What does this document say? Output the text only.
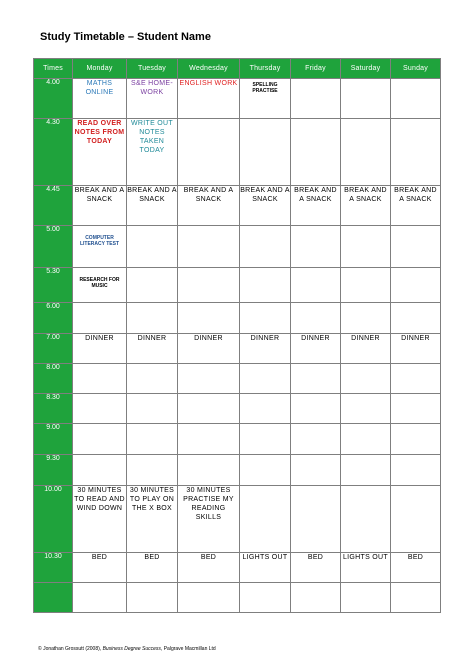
Study Timetable – Student Name
Times	Monday	Tuesday	Wednesday	Thursday	Friday	Saturday	Sunday
4.00	MATHS ONLINE	S&E HOME-WORK	ENGLISH WORK	SPELLING PRACTISE			
4.30	READ OVER NOTES FROM TODAY	WRITE OUT NOTES TAKEN TODAY					
4.45	BREAK AND A SNACK	BREAK AND A SNACK	BREAK AND A SNACK	BREAK AND A SNACK	BREAK AND A SNACK	BREAK AND A SNACK	BREAK AND A SNACK
5.00	COMPUTER LITERACY TEST						
5.30	RESEARCH FOR MUSIC						
6.00							
7.00	DINNER	DINNER	DINNER	DINNER	DINNER	DINNER	DINNER
8.00							
8.30							
9.00							
9.30							
10.00	30 MINUTES TO READ AND WIND DOWN	30 MINUTES TO PLAY ON THE X BOX	30 MINUTES PRACTISE MY READING SKILLS				
10.30	BED	BED	BED	LIGHTS OUT	BED	LIGHTS OUT	BED

© Jonathan Grossutt (2008), Business Degree Success, Palgrave Macmillan Ltd
